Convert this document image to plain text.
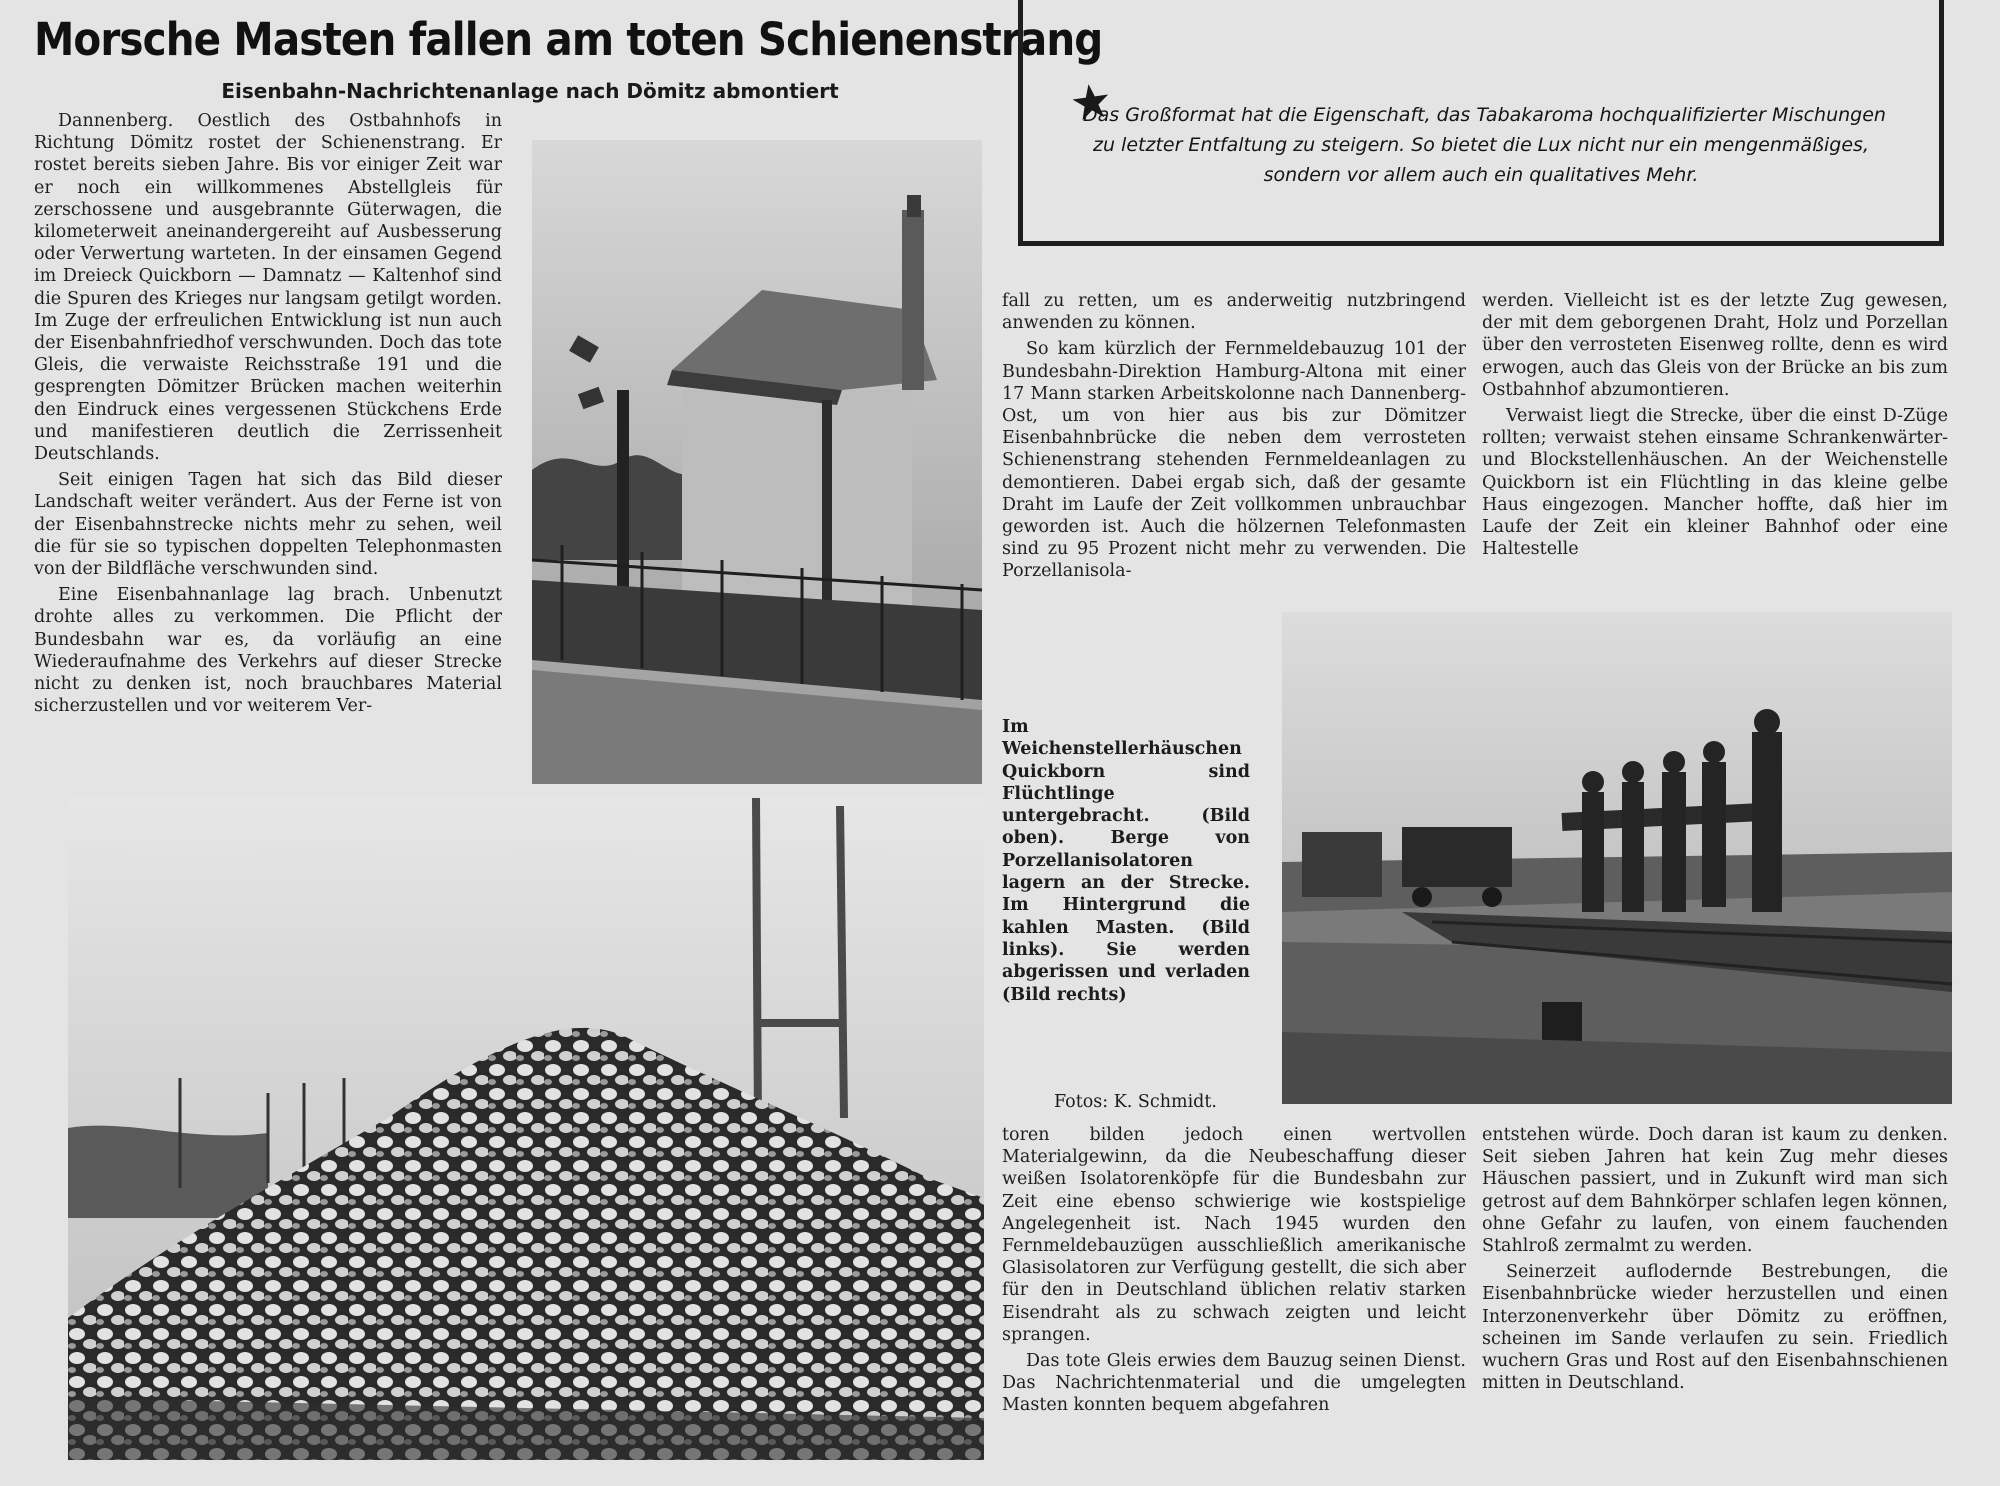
Morsche Masten fallen am toten Schienenstrang
Eisenbahn-Nachrichtenanlage nach Dömitz abmontiert

Das Großformat hat die Eigenschaft, das Tabakaroma hochqualifizierter Mischungen

zu letzter Entfaltung zu steigern. So bietet die Lux nicht nur ein mengenmäßiges,

sondern vor allem auch ein qualitatives Mehr.

Dannenberg. Oestlich des Ostbahnhofs in Richtung Dömitz rostet der Schienenstrang. Er rostet bereits sieben Jahre. Bis vor einiger Zeit war er noch ein willkommenes Abstellgleis für zerschossene und ausgebrannte Güterwagen, die kilometerweit aneinandergereiht auf Ausbesserung oder Verwertung warteten. In der einsamen Gegend im Dreieck Quickborn — Damnatz — Kaltenhof sind die Spuren des Krieges nur langsam getilgt worden. Im Zuge der erfreulichen Entwicklung ist nun auch der Eisenbahnfriedhof verschwunden. Doch das tote Gleis, die verwaiste Reichsstraße 191 und die gesprengten Dömitzer Brücken machen weiterhin den Eindruck eines vergessenen Stückchens Erde und manifestieren deutlich die Zerrissenheit Deutschlands.

Seit einigen Tagen hat sich das Bild dieser Landschaft weiter verändert. Aus der Ferne ist von der Eisenbahnstrecke nichts mehr zu sehen, weil die für sie so typischen doppelten Telephonmasten von der Bildfläche verschwunden sind.

Eine Eisenbahnanlage lag brach. Unbenutzt drohte alles zu verkommen. Die Pflicht der Bundesbahn war es, da vorläufig an eine Wiederaufnahme des Verkehrs auf dieser Strecke nicht zu denken ist, noch brauchbares Material sicherzustellen und vor weiterem Ver-

fall zu retten, um es anderweitig nutzbringend anwenden zu können.

So kam kürzlich der Fernmeldebauzug 101 der Bundesbahn-Direktion Hamburg-Altona mit einer 17 Mann starken Arbeitskolonne nach Dannenberg-Ost, um von hier aus bis zur Dömitzer Eisenbahnbrücke die neben dem verrosteten Schienenstrang stehenden Fernmeldeanlagen zu demontieren. Dabei ergab sich, daß der gesamte Draht im Laufe der Zeit vollkommen unbrauchbar geworden ist. Auch die hölzernen Telefonmasten sind zu 95 Prozent nicht mehr zu verwenden. Die Porzellanisola-

werden. Vielleicht ist es der letzte Zug gewesen, der mit dem geborgenen Draht, Holz und Porzellan über den verrosteten Eisenweg rollte, denn es wird erwogen, auch das Gleis von der Brücke an bis zum Ostbahnhof abzumontieren.

Verwaist liegt die Strecke, über die einst D-Züge rollten; verwaist stehen einsame Schrankenwärter- und Blockstellenhäuschen. An der Weichenstelle Quickborn ist ein Flüchtling in das kleine gelbe Haus eingezogen. Mancher hoffte, daß hier im Laufe der Zeit ein kleiner Bahnhof oder eine Haltestelle

Im Weichenstellerhäuschen Quickborn sind Flüchtlinge untergebracht. (Bild oben). Berge von Porzellanisolatoren lagern an der Strecke. Im Hintergrund die kahlen Masten. (Bild links). Sie werden abgerissen und verladen (Bild rechts)
Fotos: K. Schmidt.

toren bilden jedoch einen wertvollen Materialgewinn, da die Neubeschaffung dieser weißen Isolatorenköpfe für die Bundesbahn zur Zeit eine ebenso schwierige wie kostspielige Angelegenheit ist. Nach 1945 wurden den Fernmeldebauzügen ausschließlich amerikanische Glasisolatoren zur Verfügung gestellt, die sich aber für den in Deutschland üblichen relativ starken Eisendraht als zu schwach zeigten und leicht sprangen.

Das tote Gleis erwies dem Bauzug seinen Dienst. Das Nachrichtenmaterial und die umgelegten Masten konnten bequem abgefahren

entstehen würde. Doch daran ist kaum zu denken. Seit sieben Jahren hat kein Zug mehr dieses Häuschen passiert, und in Zukunft wird man sich getrost auf dem Bahnkörper schlafen legen können, ohne Gefahr zu laufen, von einem fauchenden Stahlroß zermalmt zu werden.

Seinerzeit auflodernde Bestrebungen, die Eisenbahnbrücke wieder herzustellen und einen Interzonenverkehr über Dömitz zu eröffnen, scheinen im Sande verlaufen zu sein. Friedlich wuchern Gras und Rost auf den Eisenbahnschienen mitten in Deutschland.
